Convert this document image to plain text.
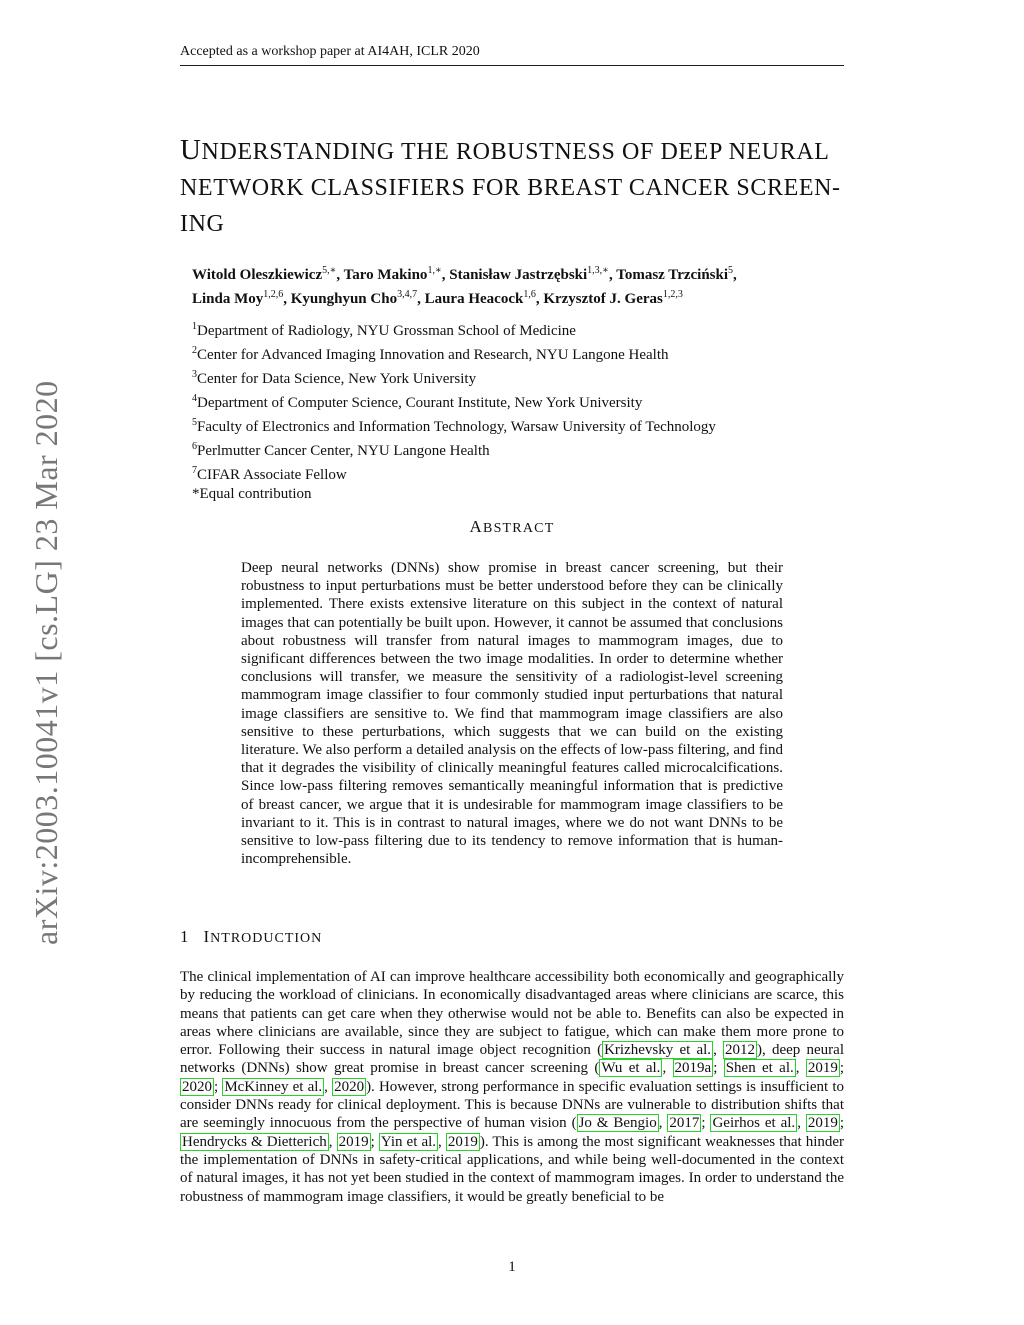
Accepted as a workshop paper at AI4AH, ICLR 2020
arXiv:2003.10041v1 [cs.LG] 23 Mar 2020
UNDERSTANDING THE ROBUSTNESS OF DEEP NEURAL
NETWORK CLASSIFIERS FOR BREAST CANCER SCREEN-
ING
Witold Oleszkiewicz$^{5,∗}$, Taro Makino$^{1,∗}$, Stanisław Jastrzębski$^{1,3,∗}$, Tomasz Trzciński$^5$,
Linda Moy$^{1,2,6}$, Kyunghyun Cho$^{3,4,7}$, Laura Heacock$^{1,6}$, Krzysztof J. Geras$^{1,2,3}$
$^1$Department of Radiology, NYU Grossman School of Medicine
$^2$Center for Advanced Imaging Innovation and Research, NYU Langone Health
$^3$Center for Data Science, New York University
$^4$Department of Computer Science, Courant Institute, New York University
$^5$Faculty of Electronics and Information Technology, Warsaw University of Technology
$^6$Perlmutter Cancer Center, NYU Langone Health
$^7$CIFAR Associate Fellow
*Equal contribution
ABSTRACT
Deep neural networks (DNNs) show promise in breast cancer screening, but their robustness to input perturbations must be better understood before they can be clinically implemented. There exists extensive literature on this subject in the context of natural images that can potentially be built upon. However, it cannot be assumed that conclusions about robustness will transfer from natural images to mammogram images, due to significant differences between the two image modalities. In order to determine whether conclusions will transfer, we measure the sensitivity of a radiologist-level screening mammogram image classifier to four commonly studied input perturbations that natural image classifiers are sensitive to. We find that mammogram image classifiers are also sensitive to these perturbations, which suggests that we can build on the existing literature. We also perform a detailed analysis on the effects of low-pass filtering, and find that it degrades the visibility of clinically meaningful features called microcalcifications. Since low-pass filtering removes semantically meaningful information that is predictive of breast cancer, we argue that it is undesirable for mammogram image classifiers to be invariant to it. This is in contrast to natural images, where we do not want DNNs to be sensitive to low-pass filtering due to its tendency to remove information that is human-incomprehensible.
1 INTRODUCTION
The clinical implementation of AI can improve healthcare accessibility both economically and geographically by reducing the workload of clinicians. In economically disadvantaged areas where clinicians are scarce, this means that patients can get care when they otherwise would not be able to. Benefits can also be expected in areas where clinicians are available, since they are subject to fatigue, which can make them more prone to error. Following their success in natural image object recognition ( Krizhevsky et al. , 2012 ), deep neural networks (DNNs) show great promise in breast cancer screening ( Wu et al. , 2019a ; Shen et al. , 2019 ; 2020 ; McKinney et al. , 2020 ). However, strong performance in specific evaluation settings is insufficient to consider DNNs ready for clinical deployment. This is because DNNs are vulnerable to distribution shifts that are seemingly innocuous from the perspective of human vision ( Jo & Bengio , 2017 ; Geirhos et al. , 2019 ; Hendrycks & Dietterich , 2019 ; Yin et al. , 2019 ). This is among the most significant weaknesses that hinder the implementation of DNNs in safety-critical applications, and while being well-documented in the context of natural images, it has not yet been studied in the context of mammogram images. In order to understand the robustness of mammogram image classifiers, it would be greatly beneficial to be
1
